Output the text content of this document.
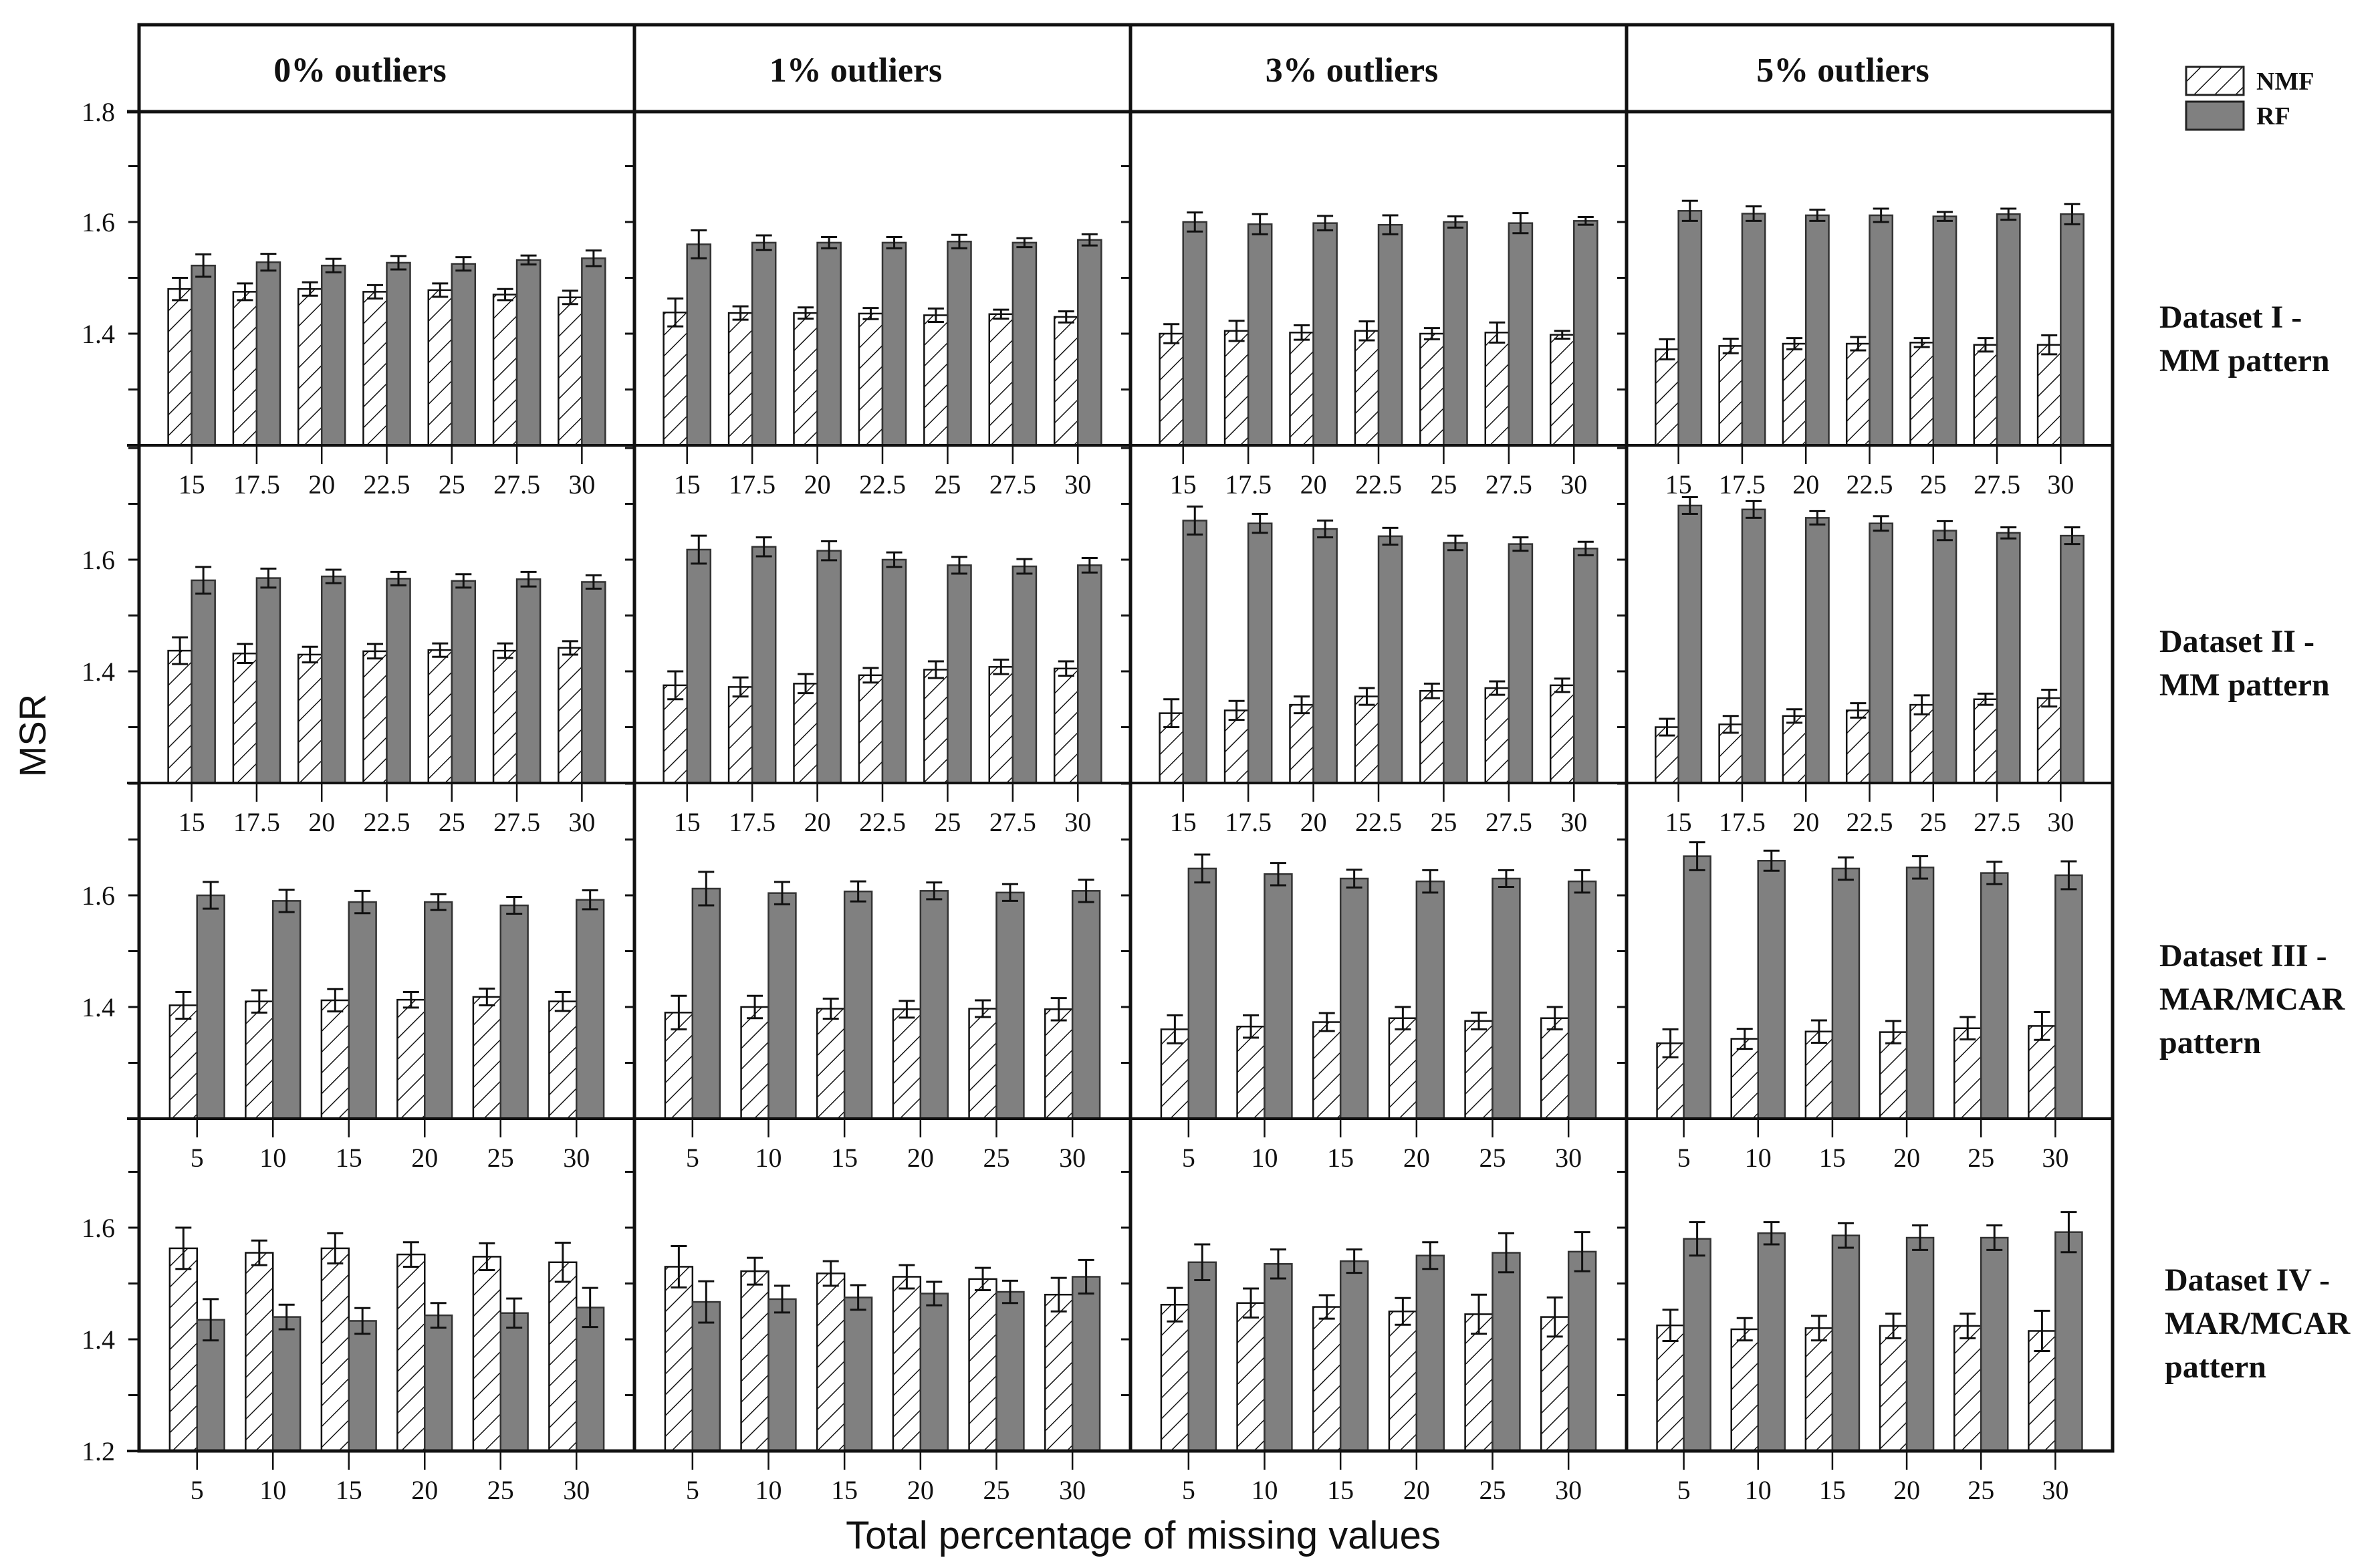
15 17.5 20 22.5 25 27.5 30	15 17.5 20 22.5 25 27.5 30	15 17.5 20 22.5 25 27.5 30	15 17.5 20 22.5 25 27.5 30
15 17.5 20 22.5 25 27.5 30	15 17.5 20 22.5 25 27.5 30	15 17.5 20 22.5 25 27.5 30	15 17.5 20 22.5 25 27.5 30
5 10 15 20 25 30	5 10 15 20 25 30	5 10 15 20 25 30	5 10 15 20 25 30
5 10 15 20 25 30	5 10 15 20 25 30	5 10 15 20 25 30	5 10 15 20 25 30
0% outliers	1% outliers	3% outliers	5% outliers
1.8
1.6
1.4
1.6
1.4
1.6
1.4
1.6
1.4
1.2
MSR
Total percentage of missing values
Dataset I -
MM pattern
Dataset II -
MM pattern
Dataset III -
MAR/MCAR
pattern
Dataset IV -
MAR/MCAR
pattern
NMF
RF
